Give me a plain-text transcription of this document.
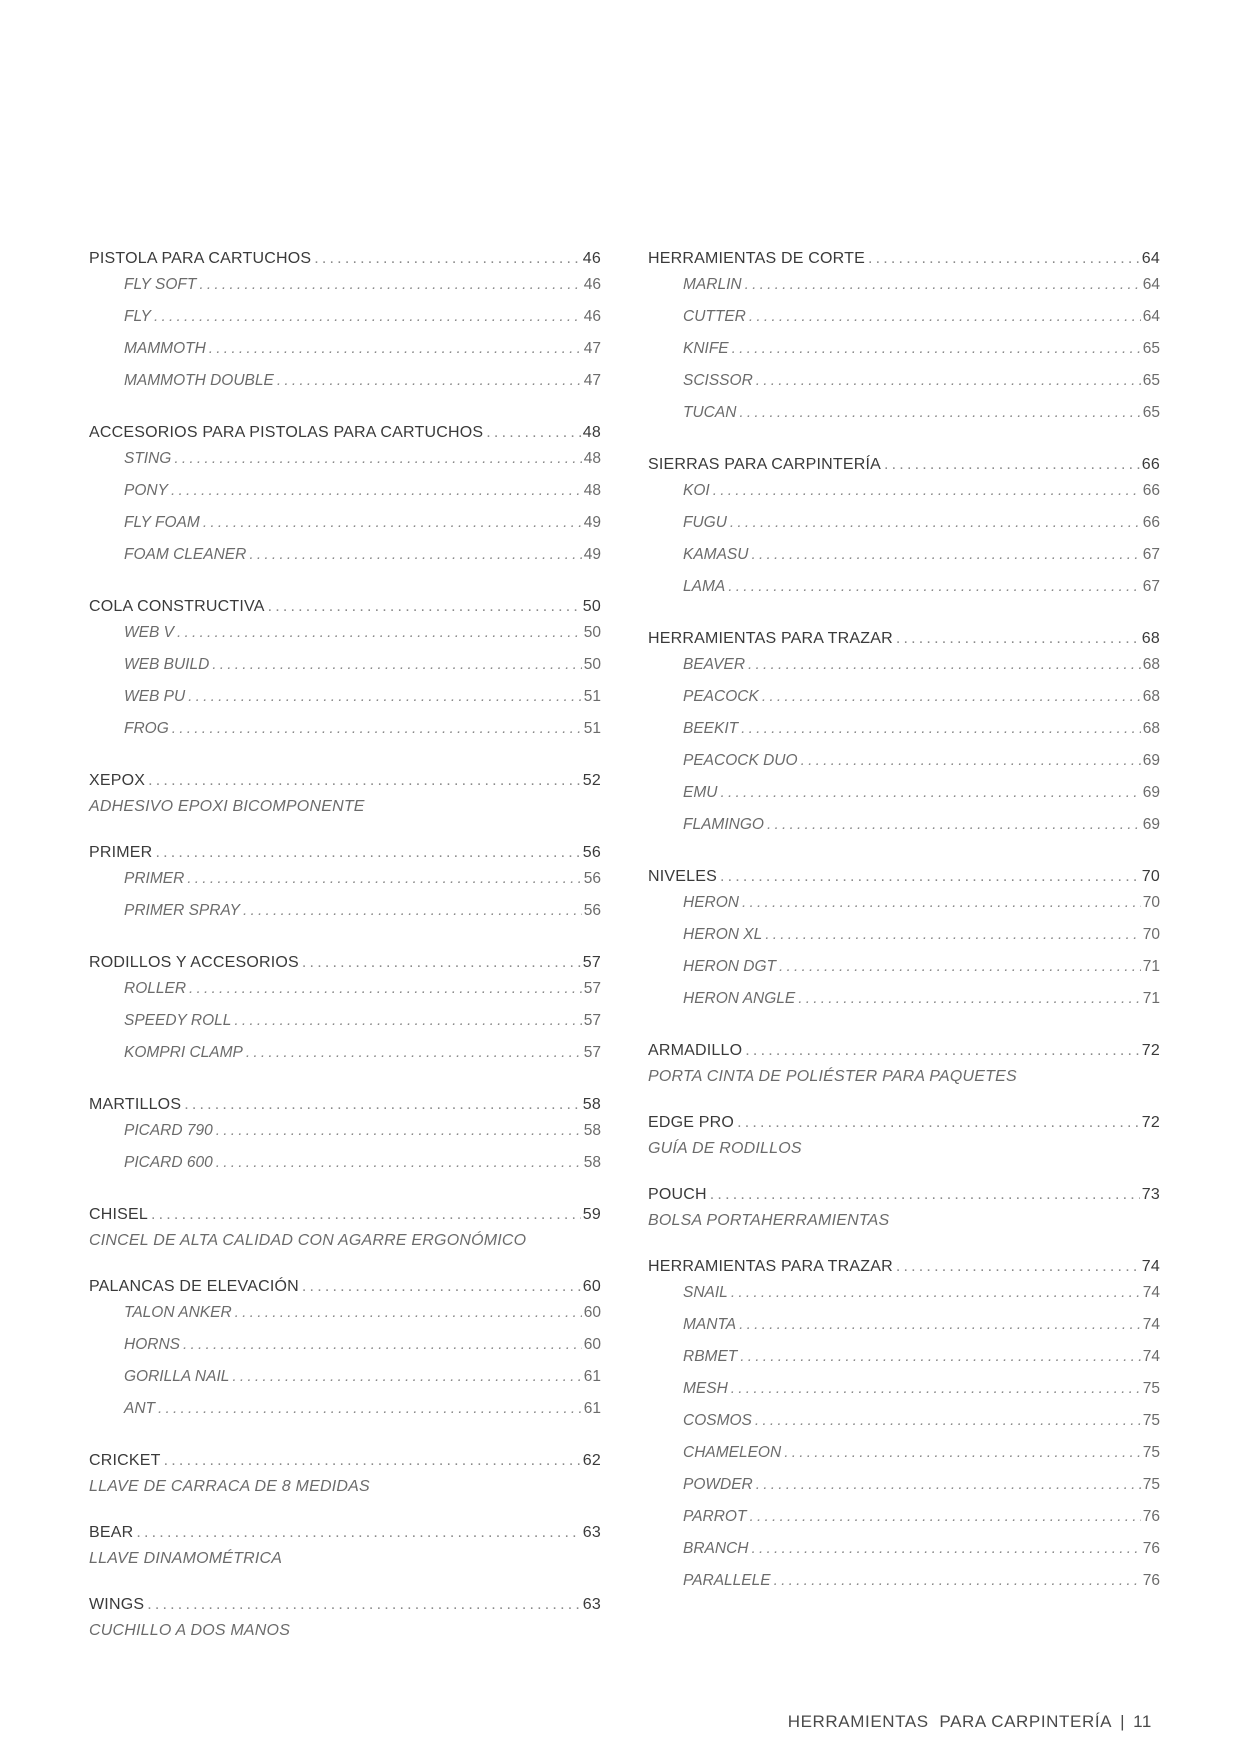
PISTOLA PARA CARTUCHOS .....	46
FLY SOFT .....	46
FLY .....	46
MAMMOTH .....	47
MAMMOTH DOUBLE .....	47
ACCESORIOS PARA PISTOLAS PARA CARTUCHOS .....	48
STING .....	48
PONY .....	48
FLY FOAM .....	49
FOAM CLEANER .....	49
COLA CONSTRUCTIVA .....	50
WEB V .....	50
WEB BUILD .....	50
WEB PU .....	51
FROG .....	51
XEPOX .....	52
ADHESIVO EPOXI BICOMPONENTE
PRIMER .....	56
PRIMER .....	56
PRIMER SPRAY .....	56
RODILLOS Y ACCESORIOS .....	57
ROLLER .....	57
SPEEDY ROLL .....	57
KOMPRI CLAMP .....	57
MARTILLOS .....	58
PICARD 790 .....	58
PICARD 600 .....	58
CHISEL .....	59
CINCEL DE ALTA CALIDAD CON AGARRE ERGONÓMICO
PALANCAS DE ELEVACIÓN .....	60
TALON ANKER .....	60
HORNS .....	60
GORILLA NAIL .....	61
ANT .....	61
CRICKET .....	62
LLAVE DE CARRACA DE 8 MEDIDAS
BEAR .....	63
LLAVE DINAMOMÉTRICA
WINGS .....	63
CUCHILLO A DOS MANOS
HERRAMIENTAS DE CORTE .....	64
MARLIN .....	64
CUTTER .....	64
KNIFE .....	65
SCISSOR .....	65
TUCAN .....	65
SIERRAS PARA CARPINTERÍA .....	66
KOI .....	66
FUGU .....	66
KAMASU .....	67
LAMA .....	67
HERRAMIENTAS PARA TRAZAR .....	68
BEAVER .....	68
PEACOCK .....	68
BEEKIT .....	68
PEACOCK DUO .....	69
EMU .....	69
FLAMINGO .....	69
NIVELES .....	70
HERON .....	70
HERON XL .....	70
HERON DGT .....	71
HERON ANGLE .....	71
ARMADILLO .....	72
PORTA CINTA DE POLIÉSTER PARA PAQUETES
EDGE PRO .....	72
GUÍA DE RODILLOS
POUCH .....	73
BOLSA PORTAHERRAMIENTAS
HERRAMIENTAS PARA TRAZAR .....	74
SNAIL .....	74
MANTA .....	74
RBMET .....	74
MESH .....	75
COSMOS .....	75
CHAMELEON .....	75
POWDER .....	75
PARROT .....	76
BRANCH .....	76
PARALLELE .....	76
HERRAMIENTAS  PARA CARPINTERÍA | 11
